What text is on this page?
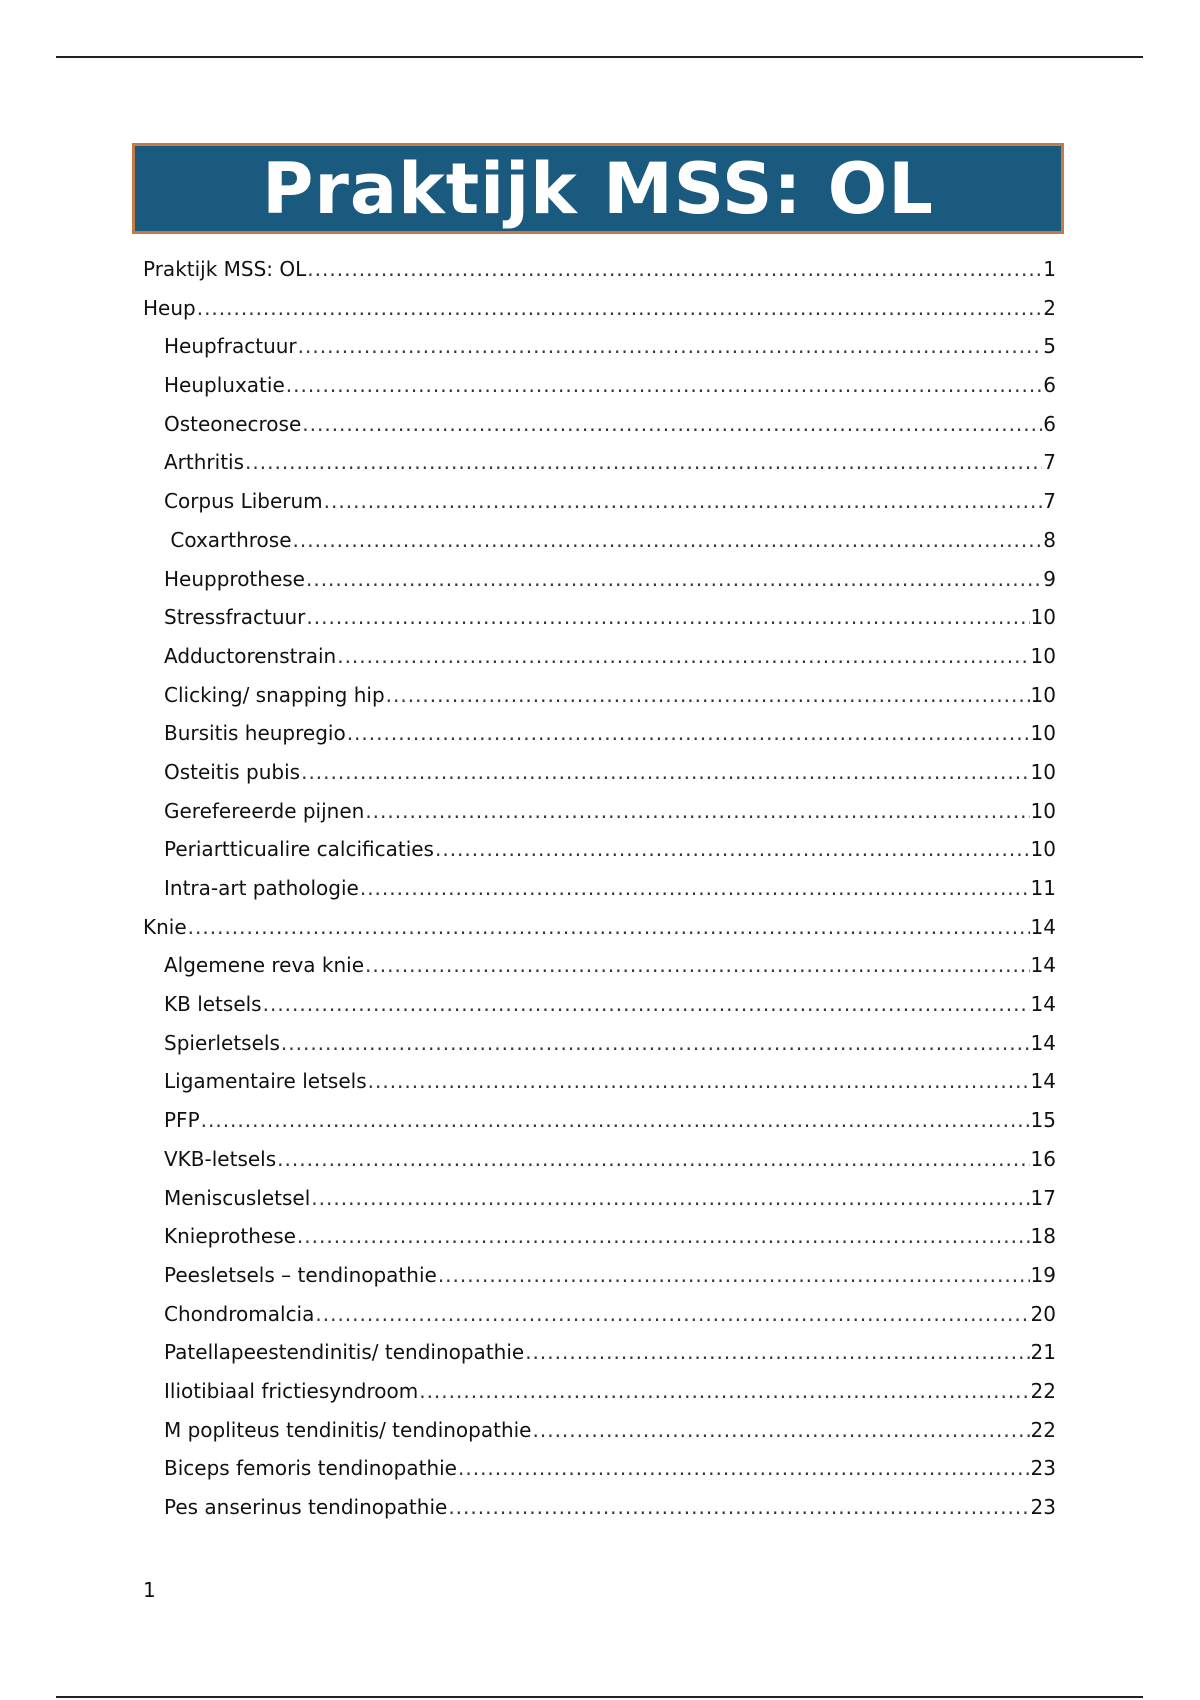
Praktijk MSS: OL
Praktijk MSS: OL .....	1
Heup .....	2
Heupfractuur .....	5
Heupluxatie .....	6
Osteonecrose .....	6
Arthritis .....	7
Corpus Liberum .....	7
Coxarthrose .....	8
Heupprothese .....	9
Stressfractuur .....	10
Adductorenstrain .....	10
Clicking/ snapping hip .....	10
Bursitis heupregio .....	10
Osteitis pubis .....	10
Gerefereerde pijnen .....	10
Periartticualire calcificaties .....	10
Intra-art pathologie .....	11
Knie .....	14
Algemene reva knie .....	14
KB letsels .....	14
Spierletsels .....	14
Ligamentaire letsels .....	14
PFP .....	15
VKB-letsels .....	16
Meniscusletsel .....	17
Knieprothese .....	18
Peesletsels – tendinopathie .....	19
Chondromalcia .....	20
Patellapeestendinitis/ tendinopathie .....	21
Iliotibiaal frictiesyndroom .....	22
M popliteus tendinitis/ tendinopathie .....	22
Biceps femoris tendinopathie .....	23
Pes anserinus tendinopathie .....	23
1
